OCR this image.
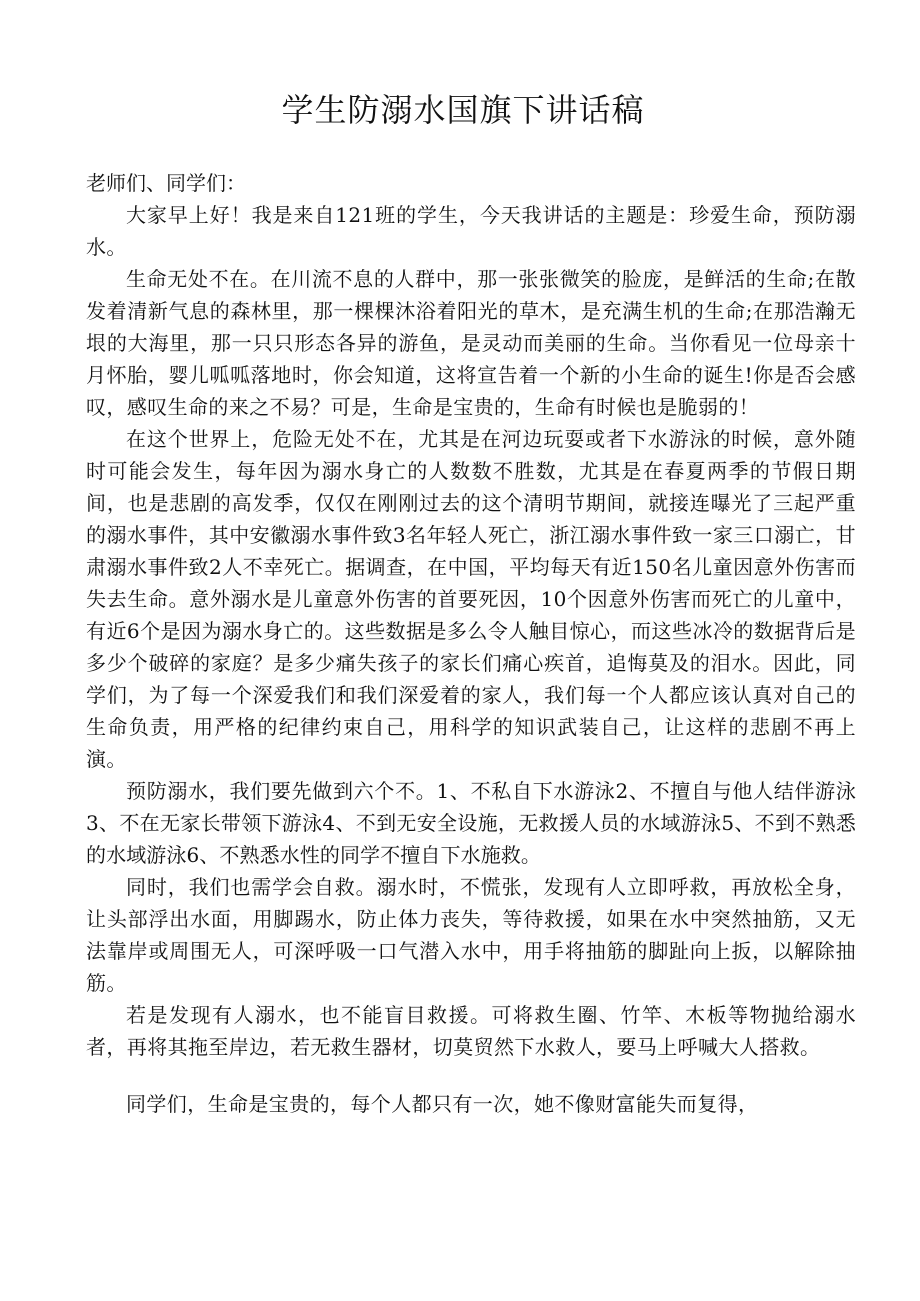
学生防溺水国旗下讲话稿

老师们、同学们：

大家早上好！我是来自121班的学生，今天我讲话的主题是：珍爱生命，预防溺水。

生命无处不在。在川流不息的人群中，那一张张微笑的脸庞，是鲜活的生命;在散发着清新气息的森林里，那一棵棵沐浴着阳光的草木，是充满生机的生命;在那浩瀚无垠的大海里，那一只只形态各异的游鱼，是灵动而美丽的生命。当你看见一位母亲十月怀胎，婴儿呱呱落地时，你会知道，这将宣告着一个新的小生命的诞生!你是否会感叹，感叹生命的来之不易？可是，生命是宝贵的，生命有时候也是脆弱的！

在这个世界上，危险无处不在，尤其是在河边玩耍或者下水游泳的时候，意外随时可能会发生，每年因为溺水身亡的人数数不胜数，尤其是在春夏两季的节假日期间，也是悲剧的高发季，仅仅在刚刚过去的这个清明节期间，就接连曝光了三起严重的溺水事件，其中安徽溺水事件致3名年轻人死亡，浙江溺水事件致一家三口溺亡，甘肃溺水事件致2人不幸死亡。据调查，在中国，平均每天有近150名儿童因意外伤害而失去生命。意外溺水是儿童意外伤害的首要死因，10个因意外伤害而死亡的儿童中，有近6个是因为溺水身亡的。这些数据是多么令人触目惊心，而这些冰冷的数据背后是多少个破碎的家庭？是多少痛失孩子的家长们痛心疾首，追悔莫及的泪水。因此，同学们，为了每一个深爱我们和我们深爱着的家人，我们每一个人都应该认真对自己的生命负责，用严格的纪律约束自己，用科学的知识武装自己，让这样的悲剧不再上演。

预防溺水，我们要先做到六个不。1、不私自下水游泳2、不擅自与他人结伴游泳3、不在无家长带领下游泳4、不到无安全设施，无救援人员的水域游泳5、不到不熟悉的水域游泳6、不熟悉水性的同学不擅自下水施救。

同时，我们也需学会自救。溺水时，不慌张，发现有人立即呼救，再放松全身，让头部浮出水面，用脚踢水，防止体力丧失，等待救援，如果在水中突然抽筋，又无法靠岸或周围无人，可深呼吸一口气潜入水中，用手将抽筋的脚趾向上扳，以解除抽筋。

若是发现有人溺水，也不能盲目救援。可将救生圈、竹竿、木板等物抛给溺水者，再将其拖至岸边，若无救生器材，切莫贸然下水救人，要马上呼喊大人搭救。

同学们，生命是宝贵的，每个人都只有一次，她不像财富能失而复得，
